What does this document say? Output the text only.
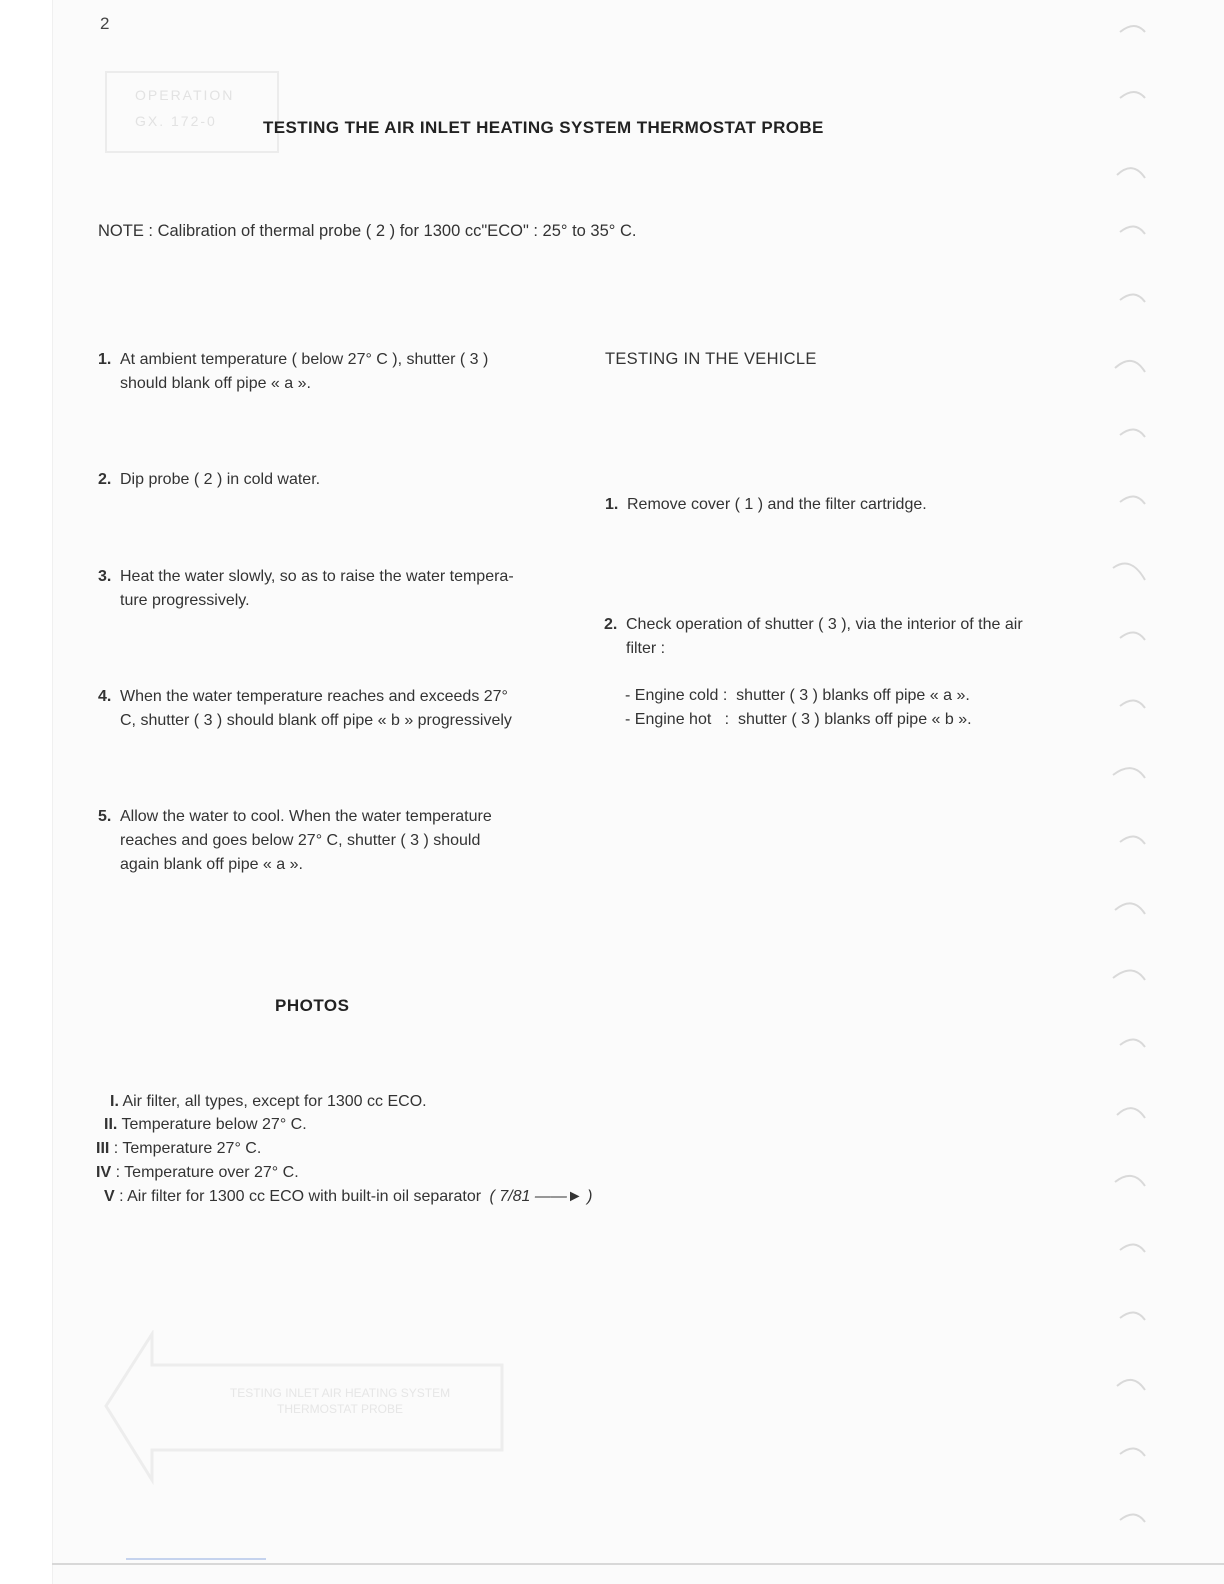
2
OPERATION
GX. 172-0	TESTING THE AIR INLET HEATING SYSTEM THERMOSTAT PROBE
NOTE : Calibration of thermal probe ( 2 ) for 1300 cc"ECO" : 25° to 35° C.
1. At ambient temperature ( below 27° C ), shutter ( 3 )
should blank off pipe « a ».
2. Dip probe ( 2 ) in cold water.
3. Heat the water slowly, so as to raise the water tempera-
ture progressively.
4. When the water temperature reaches and exceeds 27°
C, shutter ( 3 ) should blank off pipe « b » progressively
5. Allow the water to cool. When the water temperature
reaches and goes below 27° C, shutter ( 3 ) should
again blank off pipe « a ».
TESTING IN THE VEHICLE
1. Remove cover ( 1 ) and the filter cartridge.
2. Check operation of shutter ( 3 ), via the interior of the air
filter :
- Engine cold :  shutter ( 3 ) blanks off pipe « a ».
- Engine hot   :  shutter ( 3 ) blanks off pipe « b ».
PHOTOS
I. Air filter, all types, except for 1300 cc ECO.
II. Temperature below 27° C.
III : Temperature 27° C.
IV : Temperature over 27° C.
V : Air filter for 1300 cc ECO with built-in oil separator ( 7/81 ——► )
TESTING INLET AIR HEATING SYSTEM
THERMOSTAT PROBE
